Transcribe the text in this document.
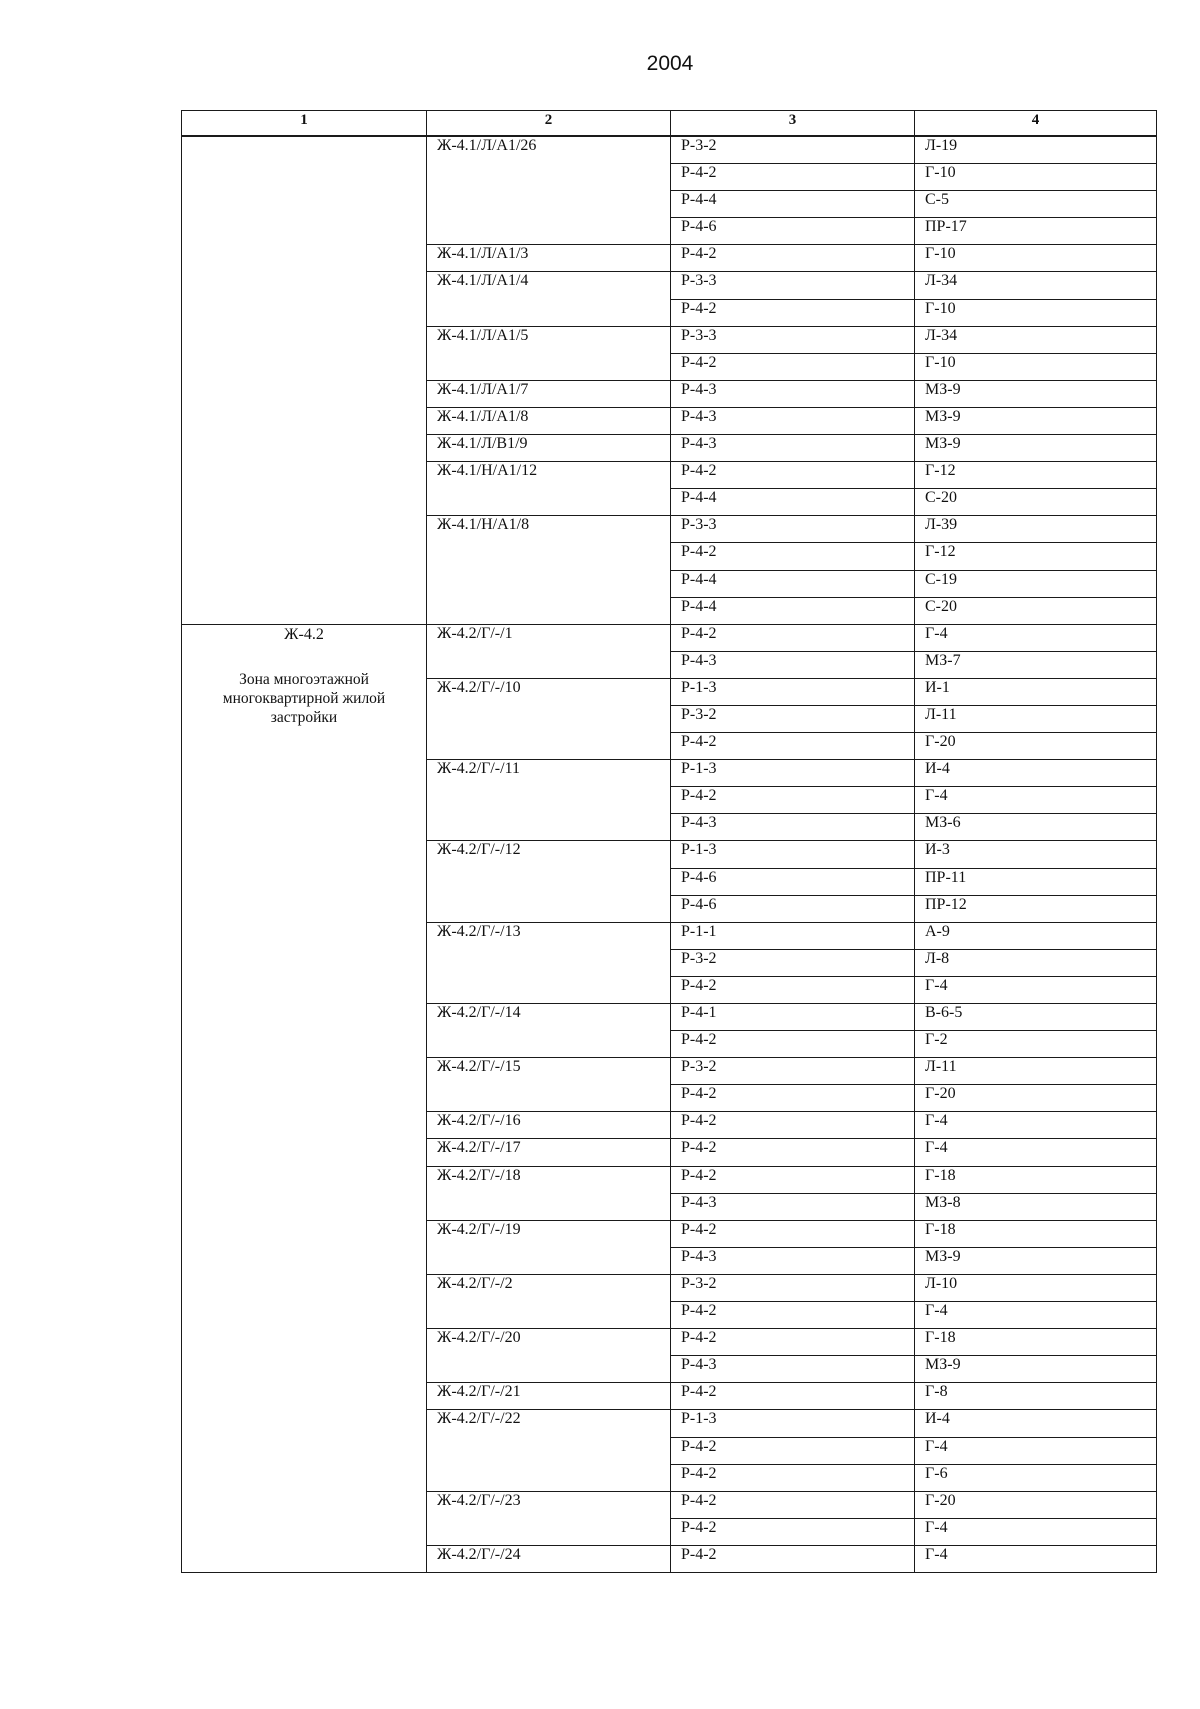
2004
1	2	3	4

	Ж-4.1/Л/А1/26	Р-3-2	Л-19
		Р-4-2	Г-10
		Р-4-4	С-5
		Р-4-6	ПР-17
	Ж-4.1/Л/А1/3	Р-4-2	Г-10
	Ж-4.1/Л/А1/4	Р-3-3	Л-34
		Р-4-2	Г-10
	Ж-4.1/Л/А1/5	Р-3-3	Л-34
		Р-4-2	Г-10
	Ж-4.1/Л/А1/7	Р-4-3	МЗ-9
	Ж-4.1/Л/А1/8	Р-4-3	МЗ-9
	Ж-4.1/Л/В1/9	Р-4-3	МЗ-9
	Ж-4.1/Н/А1/12	Р-4-2	Г-12
		Р-4-4	С-20
	Ж-4.1/Н/А1/8	Р-3-3	Л-39
		Р-4-2	Г-12
		Р-4-4	С-19
		Р-4-4	С-20

Ж-4.2
Зона многоэтажной многоквартирной жилой застройки	Ж-4.2/Г/-/1	Р-4-2	Г-4
		Р-4-3	МЗ-7
	Ж-4.2/Г/-/10	Р-1-3	И-1
		Р-3-2	Л-11
		Р-4-2	Г-20
	Ж-4.2/Г/-/11	Р-1-3	И-4
		Р-4-2	Г-4
		Р-4-3	МЗ-6
	Ж-4.2/Г/-/12	Р-1-3	И-3
		Р-4-6	ПР-11
		Р-4-6	ПР-12
	Ж-4.2/Г/-/13	Р-1-1	А-9
		Р-3-2	Л-8
		Р-4-2	Г-4
	Ж-4.2/Г/-/14	Р-4-1	В-6-5
		Р-4-2	Г-2
	Ж-4.2/Г/-/15	Р-3-2	Л-11
		Р-4-2	Г-20
	Ж-4.2/Г/-/16	Р-4-2	Г-4
	Ж-4.2/Г/-/17	Р-4-2	Г-4
	Ж-4.2/Г/-/18	Р-4-2	Г-18
		Р-4-3	МЗ-8
	Ж-4.2/Г/-/19	Р-4-2	Г-18
		Р-4-3	МЗ-9
	Ж-4.2/Г/-/2	Р-3-2	Л-10
		Р-4-2	Г-4
	Ж-4.2/Г/-/20	Р-4-2	Г-18
		Р-4-3	МЗ-9
	Ж-4.2/Г/-/21	Р-4-2	Г-8
	Ж-4.2/Г/-/22	Р-1-3	И-4
		Р-4-2	Г-4
		Р-4-2	Г-6
	Ж-4.2/Г/-/23	Р-4-2	Г-20
		Р-4-2	Г-4
	Ж-4.2/Г/-/24	Р-4-2	Г-4
